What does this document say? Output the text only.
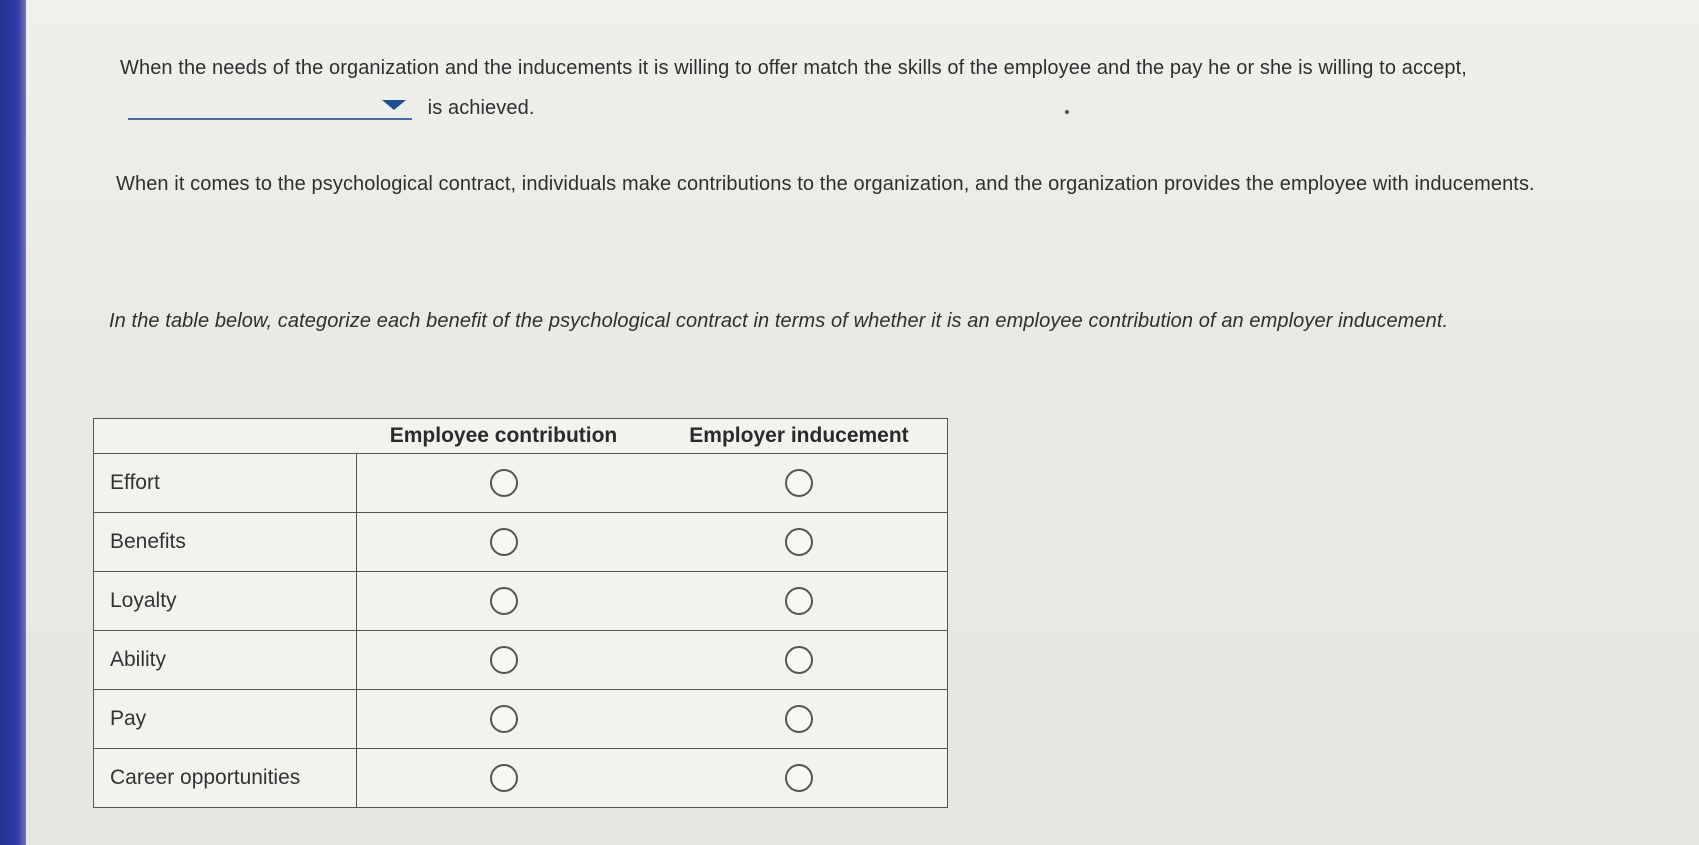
When the needs of the organization and the inducements it is willing to offer match the skills of the employee and the pay he or she is willing to accept,
is achieved.
When it comes to the psychological contract, individuals make contributions to the organization, and the organization provides the employee with inducements.
In the table below, categorize each benefit of the psychological contract in terms of whether it is an employee contribution of an employer inducement.
	Employee contribution	Employer inducement
Effort		
Benefits		
Loyalty		
Ability		
Pay		
Career opportunities		
